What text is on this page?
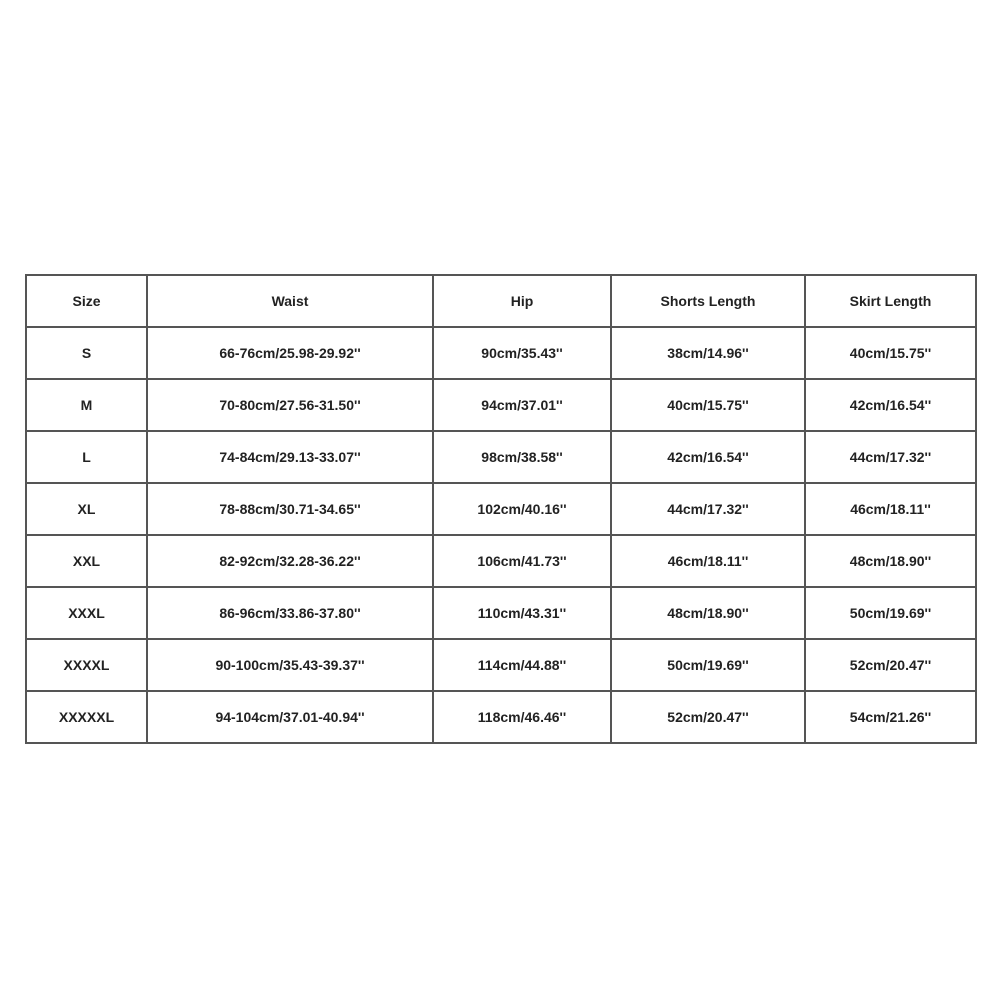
Size	Waist	Hip	Shorts Length	Skirt Length
S	66-76cm/25.98-29.92''	90cm/35.43''	38cm/14.96''	40cm/15.75''
M	70-80cm/27.56-31.50''	94cm/37.01''	40cm/15.75''	42cm/16.54''
L	74-84cm/29.13-33.07''	98cm/38.58''	42cm/16.54''	44cm/17.32''
XL	78-88cm/30.71-34.65''	102cm/40.16''	44cm/17.32''	46cm/18.11''
XXL	82-92cm/32.28-36.22''	106cm/41.73''	46cm/18.11''	48cm/18.90''
XXXL	86-96cm/33.86-37.80''	110cm/43.31''	48cm/18.90''	50cm/19.69''
XXXXL	90-100cm/35.43-39.37''	114cm/44.88''	50cm/19.69''	52cm/20.47''
XXXXXL	94-104cm/37.01-40.94''	118cm/46.46''	52cm/20.47''	54cm/21.26''
